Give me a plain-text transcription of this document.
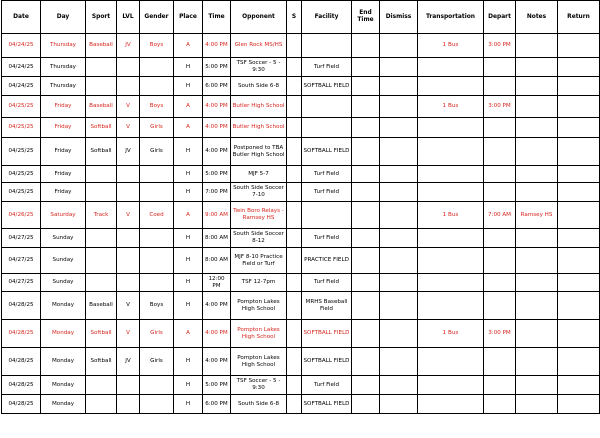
Date	Day	Sport	LVL	Gender	Place	Time	Opponent	S	Facility	End Time	Dismiss	Transportation	Depart	Notes	Return
04/24/25	Thursday	Baseball	JV	Boys	A	4:00 PM	Glen Rock MS/HS					1 Bus	3:00 PM		
04/24/25	Thursday				H	5:00 PM	TSF Soccer - 5 - 9:30		Turf Field						
04/24/25	Thursday				H	6:00 PM	South Side 6-8		SOFTBALL FIELD						
04/25/25	Friday	Baseball	V	Boys	A	4:00 PM	Butler High School					1 Bus	3:00 PM		
04/25/25	Friday	Softball	V	Girls	A	4:00 PM	Butler High School								
04/25/25	Friday	Softball	JV	Girls	H	4:00 PM	Postponed to TBA Butler High School		SOFTBALL FIELD						
04/25/25	Friday				H	5:00 PM	MJF 5-7		Turf Field						
04/25/25	Friday				H	7:00 PM	South Side Soccer 7-10		Turf Field						
04/26/25	Saturday	Track	V	Coed	A	9:00 AM	Twin Boro Relays - Ramsey HS					1 Bus	7:00 AM	Ramsey HS	
04/27/25	Sunday				H	8:00 AM	South Side Soccer 8-12		Turf Field						
04/27/25	Sunday				H	8:00 AM	MJF 8-10 Practice Field or Turf		PRACTICE FIELD						
04/27/25	Sunday				H	12:00 PM	TSF 12-7pm		Turf Field						
04/28/25	Monday	Baseball	V	Boys	H	4:00 PM	Pompton Lakes High School		MRHS Baseball Field						
04/28/25	Monday	Softball	V	Girls	A	4:00 PM	Pompton Lakes High School		SOFTBALL FIELD			1 Bus	3:00 PM		
04/28/25	Monday	Softball	JV	Girls	H	4:00 PM	Pompton Lakes High School		SOFTBALL FIELD						
04/28/25	Monday				H	5:00 PM	TSF Soccer - 5 - 9:30		Turf Field						
04/28/25	Monday				H	6:00 PM	South Side 6-8		SOFTBALL FIELD						
